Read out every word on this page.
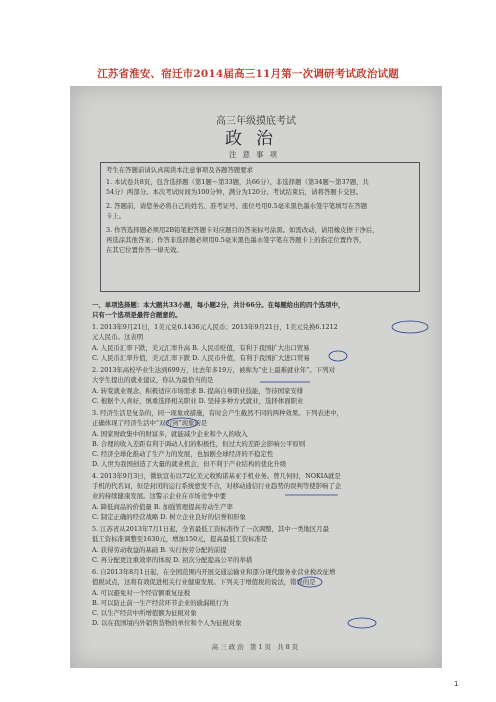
江苏省淮安、宿迁市2014届高三11月第一次调研考试政治试题
高三年级摸底考试
政治
注意事项
考生在答题前请认真阅读本注意事项及各题答题要求
1. 本试卷共8页，包含选择题（第1题～第33题，共66分）、非选择题（第34题～第37题，共
54分）两部分。本次考试时间为100分钟，满分为120分。考试结束后，请将答题卡交回。
2. 答题前，请您务必将自己的姓名、准考证号、座位号用0.5毫米黑色墨水签字笔填写在答题
卡上。
3. 作答选择题必须用2B铅笔把答题卡对应题目的答案标号涂黑。如需改动，请用橡皮擦干净后，
再选涂其他答案；作答非选择题必须用0.5毫米黑色墨水签字笔在答题卡上的指定位置作答，
在其它位置作答一律无效。
一、单项选择题：本大题共33小题，每小题2分，共计66分。在每题给出的四个选项中，
只有一个选项是最符合题意的。
1. 2013年9月21日，1美元兑6.1436元人民币；2013年9月21日，1美元兑换6.1212
元人民币。这表明
A. 人民币汇率下跌，美元汇率升高 B. 人民币贬值，有利于我国扩大出口贸易
C. 人民币汇率升值，美元汇率下跌 D. 人民币升值，有利于我国扩大进口贸易
2. 2013年高校毕业生达到699万，比去年多19万，被称为“史上最难就业年”。下列对
大学生提出的就业建议，你认为最恰当的是
A. 转变就业观念，积极适应市场需求 B. 提高自身职业技能，等待国家安排
C. 根据个人喜好，慎重选择相关职业 D. 坚持多种方式就业，选择体面职业
3. 经济生活是复杂的，同一现象或措施，有时会产生截然不同的两种效果。下列表述中，
正确体现了经济生活中“双刃剑”现象的是
A. 国家财政集中的财富多，就能减少企业和个人的收入
B. 合理的收入差距有利于调动人们的积极性，但过大的差距会影响公平原则
C. 经济全球化推动了生产力的发展，也加剧全球经济的不稳定性
D. 人世为我国创造了大量的就业机会，但不利于产业结构的优化升级
4. 2013年9月3日，微软宣布以72亿美元收购诺基亚手机业务。曾几何时，NOKIA就是
手机的代名词，但是封闭的运行系统愈发不合，对移动通信行业趋势的误判等使影响了企
业的持续健康发展。这警示企业在市场竞争中要
A. 降低商品的价值量 B. 加强管理提高劳动生产率
C. 制定正确的经营战略 D. 树立企业良好的信誉和形象
5. 江苏省从2013年7月1日起，全省最低工资标准作了一次调整，其中一类地区月最
低工资标准调整至1630元，增加150元，提高最低工资标准是
A. 获得劳动收益的基础 B. 实行按劳分配的前提
C. 再分配更注重效率的体现 D. 初次分配提高公平的举措
6. 自2013年8月1日起，在全国范围内开展交通运输业和部分现代服务业营业税改征增
值税试点，这将有效促进相关行业健康发展。下列关于增值税的说法，错误的是
A. 可以避免对一个经营额重复征税
B. 可以防止前一生产经营环节企业的偷漏税行为
C. 以生产经营中所增值额为征税对象
D. 以在我国境内外销售货物的单位和个人为征税对象
高三政治 第1页 共8页
1
